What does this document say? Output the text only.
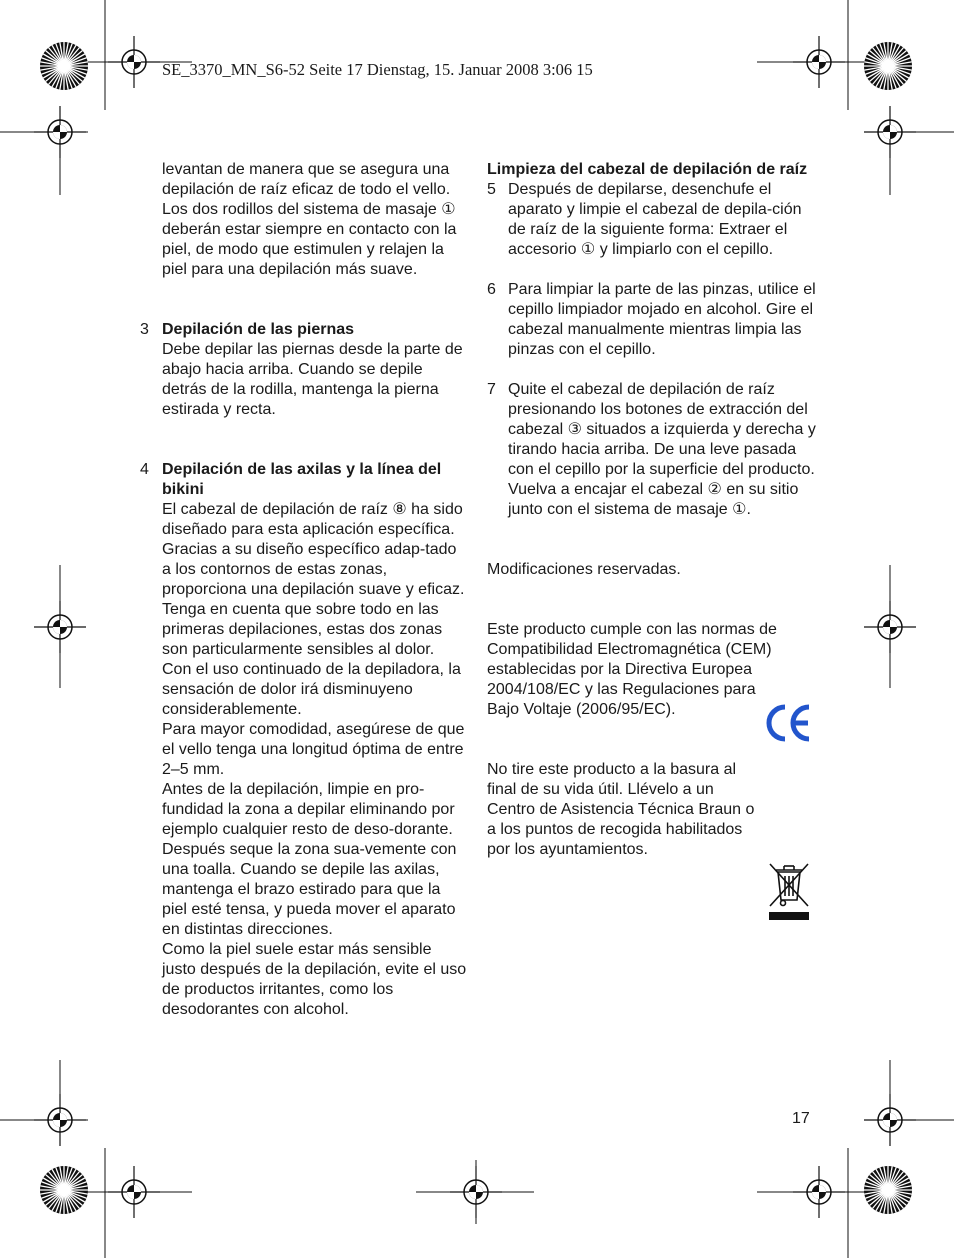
SE_3370_MN_S6-52 Seite 17 Dienstag, 15. Januar 2008 3:06 15

levantan de manera que se asegura una depilación de raíz eficaz de todo el vello.

Los dos rodillos del sistema de masaje ① deberán estar siempre en contacto con la piel, de modo que estimulen y relajen la piel para una depilación más suave.

3 Depilación de las piernas

Debe depilar las piernas desde la parte de abajo hacia arriba. Cuando se depile detrás de la rodilla, mantenga la pierna estirada y recta.

4 Depilación de las axilas y la línea del bikini

El cabezal de depilación de raíz ⑧ ha sido diseñado para esta aplicación específica. Gracias a su diseño específico adap-tado a los contornos de estas zonas, proporciona una depilación suave y eficaz.

Tenga en cuenta que sobre todo en las primeras depilaciones, estas dos zonas son particularmente sensibles al dolor. Con el uso continuado de la depiladora, la sensación de dolor irá disminuyeno considerablemente.

Para mayor comodidad, asegúrese de que el vello tenga una longitud óptima de entre 2–5 mm.

Antes de la depilación, limpie en pro-fundidad la zona a depilar eliminando por ejemplo cualquier resto de deso-dorante. Después seque la zona sua-vemente con una toalla. Cuando se depile las axilas, mantenga el brazo estirado para que la piel esté tensa, y pueda mover el aparato en distintas direcciones.

Como la piel suele estar más sensible justo después de la depilación, evite el uso de productos irritantes, como los desodorantes con alcohol.

Limpieza del cabezal de depilación de raíz

5 Después de depilarse, desenchufe el aparato y limpie el cabezal de depila-ción de raíz de la siguiente forma: Extraer el accesorio ① y limpiarlo con el cepillo.

6 Para limpiar la parte de las pinzas, utilice el cepillo limpiador mojado en alcohol. Gire el cabezal manualmente mientras limpia las pinzas con el cepillo.

7 Quite el cabezal de depilación de raíz presionando los botones de extracción del cabezal ③ situados a izquierda y derecha y tirando hacia arriba. De una leve pasada con el cepillo por la superficie del producto. Vuelva a encajar el cabezal ② en su sitio junto con el sistema de masaje ①.

Modificaciones reservadas.

Este producto cumple con las normas de Compatibilidad Electromagnética (CEM) establecidas por la Directiva Europea 2004/108/EC y las Regulaciones para Bajo Voltaje (2006/95/EC).

No tire este producto a la basura al final de su vida útil. Llévelo a un Centro de Asistencia Técnica Braun o a los puntos de recogida habilitados por los ayuntamientos.

17
